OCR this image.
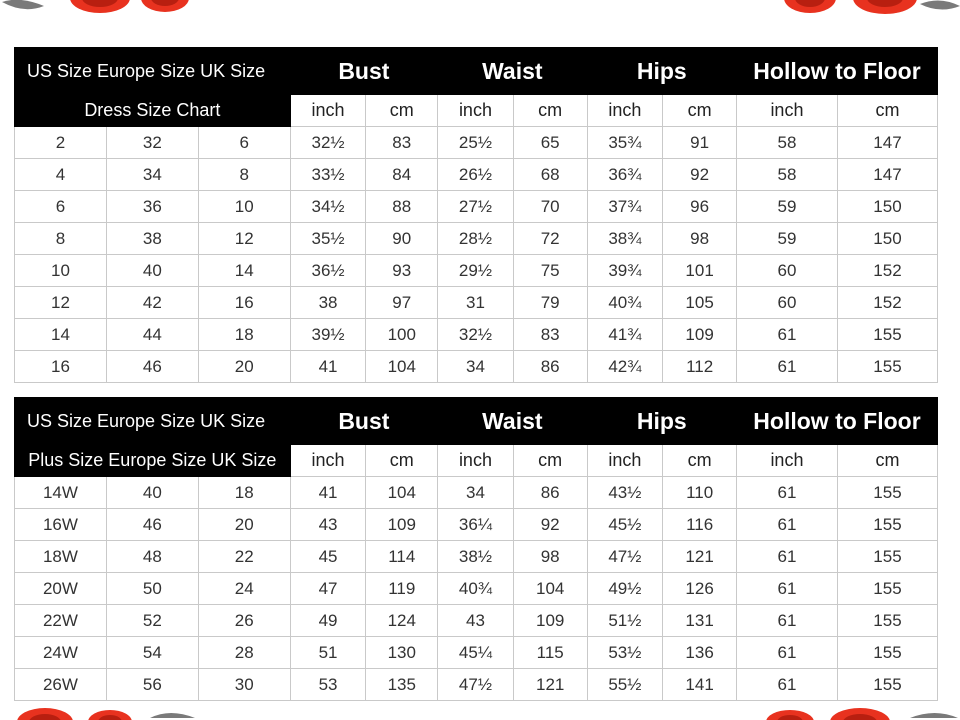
US Size Europe Size UK Size			Bust		Waist		Hips		Hollow to Floor	
Dress Size Chart			inch	cm	inch	cm	inch	cm	inch	cm
2	32	6	32½	83	25½	65	35¾	91	58	147
4	34	8	33½	84	26½	68	36¾	92	58	147
6	36	10	34½	88	27½	70	37¾	96	59	150
8	38	12	35½	90	28½	72	38¾	98	59	150
10	40	14	36½	93	29½	75	39¾	101	60	152
12	42	16	38	97	31	79	40¾	105	60	152
14	44	18	39½	100	32½	83	41¾	109	61	155
16	46	20	41	104	34	86	42¾	112	61	155
US Size Europe Size UK Size			Bust		Waist		Hips		Hollow to Floor	
Plus Size Europe Size UK Size			inch	cm	inch	cm	inch	cm	inch	cm
14W	40	18	41	104	34	86	43½	110	61	155
16W	46	20	43	109	36¼	92	45½	116	61	155
18W	48	22	45	114	38½	98	47½	121	61	155
20W	50	24	47	119	40¾	104	49½	126	61	155
22W	52	26	49	124	43	109	51½	131	61	155
24W	54	28	51	130	45¼	115	53½	136	61	155
26W	56	30	53	135	47½	121	55½	141	61	155
